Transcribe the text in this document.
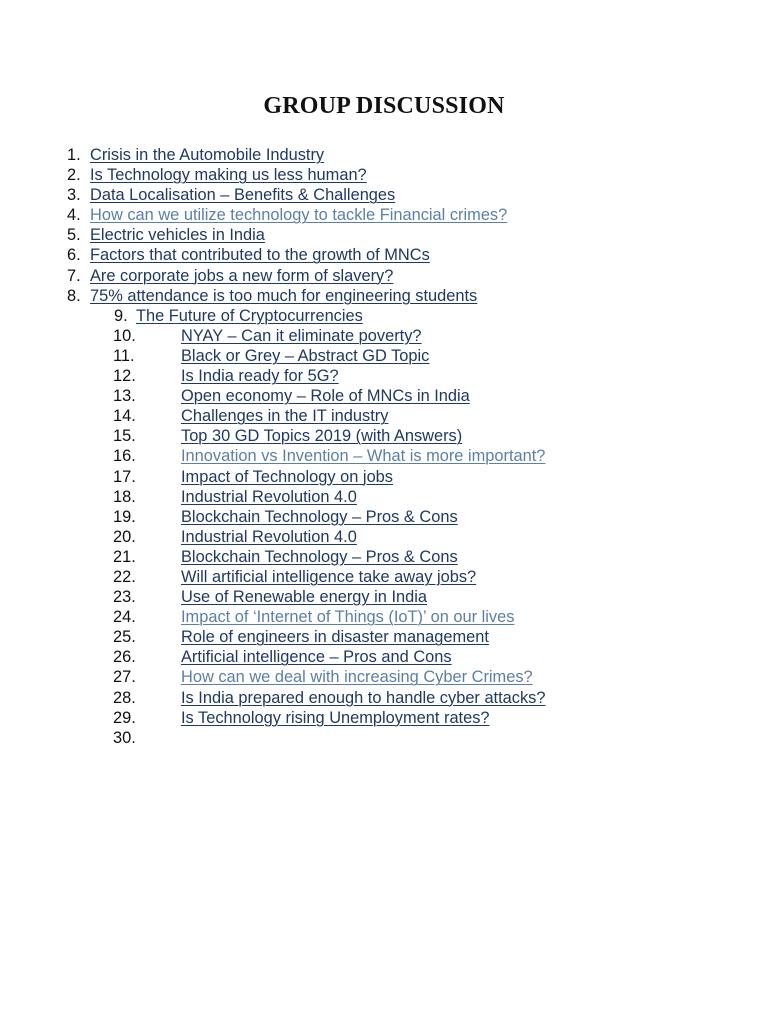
GROUP DISCUSSION
1. Crisis in the Automobile Industry
2. Is Technology making us less human?
3. Data Localisation – Benefits & Challenges
4. How can we utilize technology to tackle Financial crimes?
5. Electric vehicles in India
6. Factors that contributed to the growth of MNCs
7. Are corporate jobs a new form of slavery?
8. 75% attendance is too much for engineering students
9. The Future of Cryptocurrencies
10.	NYAY – Can it eliminate poverty?
11.	Black or Grey – Abstract GD Topic
12.	Is India ready for 5G?
13.	Open economy – Role of MNCs in India
14.	Challenges in the IT industry
15.	Top 30 GD Topics 2019 (with Answers)
16.	Innovation vs Invention – What is more important?
17.	Impact of Technology on jobs
18.	Industrial Revolution 4.0
19.	Blockchain Technology – Pros & Cons
20.	Industrial Revolution 4.0
21.	Blockchain Technology – Pros & Cons
22.	Will artificial intelligence take away jobs?
23.	Use of Renewable energy in India
24.	Impact of ‘Internet of Things (IoT)’ on our lives
25.	Role of engineers in disaster management
26.	Artificial intelligence – Pros and Cons
27.	How can we deal with increasing Cyber Crimes?
28.	Is India prepared enough to handle cyber attacks?
29.	Is Technology rising Unemployment rates?
30.
